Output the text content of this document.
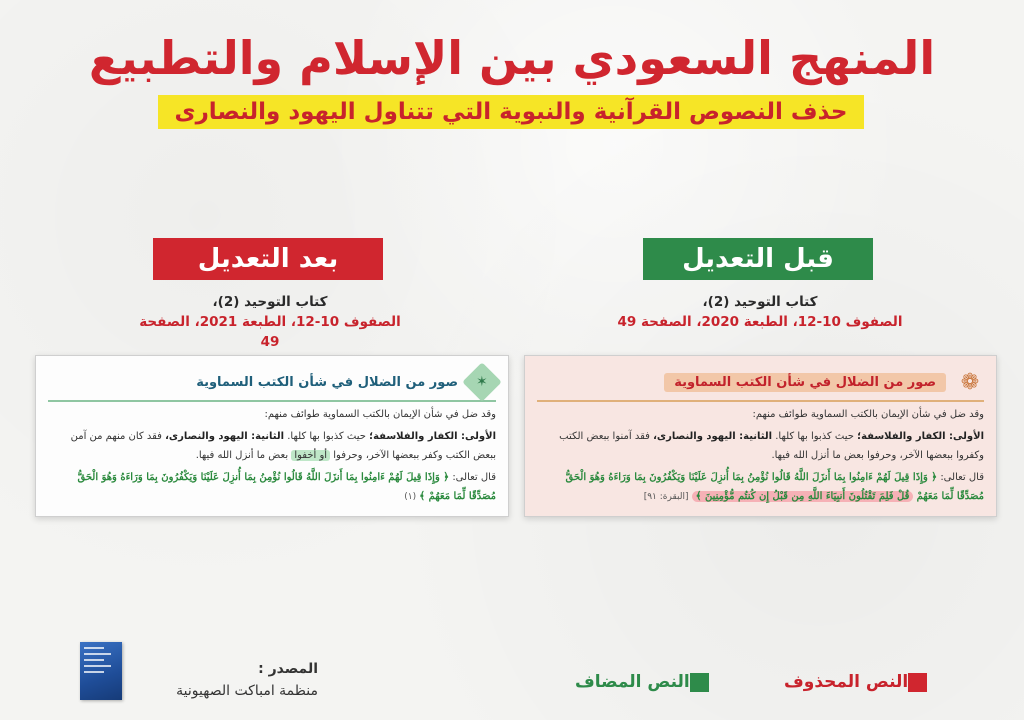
المنهج السعودي بين الإسلام والتطبيع
حذف النصوص القرآنية والنبوية التي تتناول اليهود والنصارى
قبل التعديل
بعد التعديل
كتاب التوحيد (2)،
الصفوف 10-12، الطبعة 2020، الصفحة 49
كتاب التوحيد (2)،
الصفوف 10-12، الطبعة 2021، الصفحة 49
✶
صور من الضلال في شأن الكتب السماوية
وقد ضل في شأن الإيمان بالكتب السماوية طوائف منهم:
الأولى: الكفار والفلاسفة؛ حيث كذبوا بها كلها. الثانية: اليهود والنصارى، فقد كان منهم من آمن ببعض الكتب وكفر ببعضها الآخر، وحرفوا أو أخفوا بعض ما أنزل الله فيها.
قال تعالى: ﴿ وَإِذَا قِيلَ لَهُمْ ءَامِنُوا بِمَا أَنزَلَ اللَّهُ قَالُوا نُؤْمِنُ بِمَا أُنزِلَ عَلَيْنَا وَيَكْفُرُونَ بِمَا وَرَاءَهُ وَهُوَ الْحَقُّ مُصَدِّقًا لِّمَا مَعَهُمْ ﴾ (١)
❁
صور من الضلال في شأن الكتب السماوية
وقد ضل في شأن الإيمان بالكتب السماوية طوائف منهم:
الأولى: الكفار والفلاسفة؛ حيث كذبوا بها كلها. الثانية: اليهود والنصارى، فقد آمنوا ببعض الكتب وكفروا ببعضها الآخر، وحرفوا بعض ما أنزل الله فيها.
قال تعالى: ﴿ وَإِذَا قِيلَ لَهُمْ ءَامِنُوا بِمَا أَنزَلَ اللَّهُ قَالُوا نُؤْمِنُ بِمَا أُنزِلَ عَلَيْنَا وَيَكْفُرُونَ بِمَا وَرَاءَهُ وَهُوَ الْحَقُّ مُصَدِّقًا لِّمَا مَعَهُمْ قُلْ فَلِمَ تَقْتُلُونَ أَنبِيَاءَ اللَّهِ مِن قَبْلُ إِن كُنتُم مُّؤْمِنِينَ ﴾ [البقرة: ٩١]
النص المحذوف
النص المضاف
المصدر :
منظمة امباكت الصهيونية
